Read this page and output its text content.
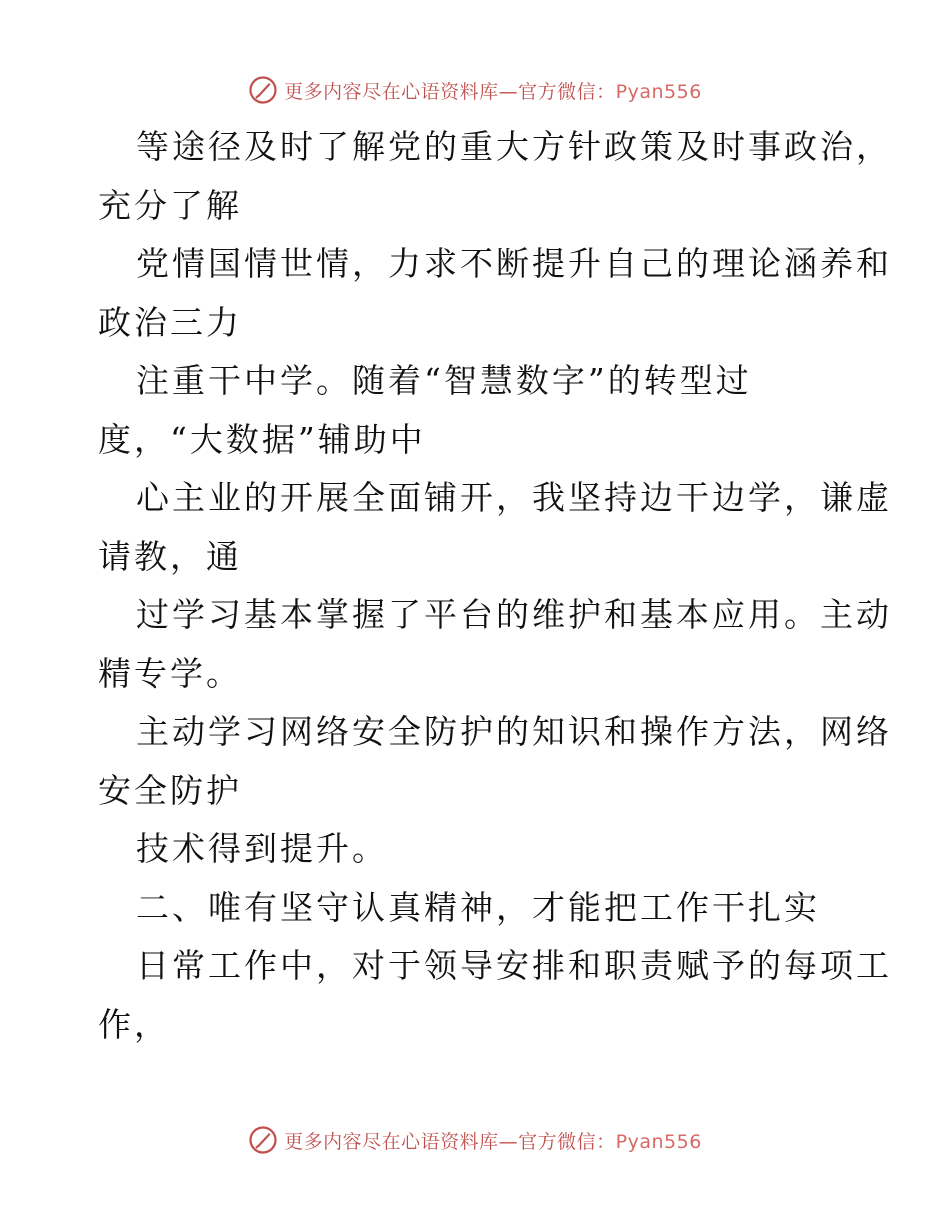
更多内容尽在心语资料库—官方微信：Pyan556
等途径及时了解党的重大方针政策及时事政治，
充分了解
党情国情世情，力求不断提升自己的理论涵养和
政治三力
注重干中学。随着“智慧数字”的转型过
度，“大数据”辅助中
心主业的开展全面铺开，我坚持边干边学，谦虚
请教，通
过学习基本掌握了平台的维护和基本应用。主动
精专学。
主动学习网络安全防护的知识和操作方法，网络
安全防护
技术得到提升。
二、唯有坚守认真精神，才能把工作干扎实
日常工作中，对于领导安排和职责赋予的每项工
作，
更多内容尽在心语资料库—官方微信：Pyan556
